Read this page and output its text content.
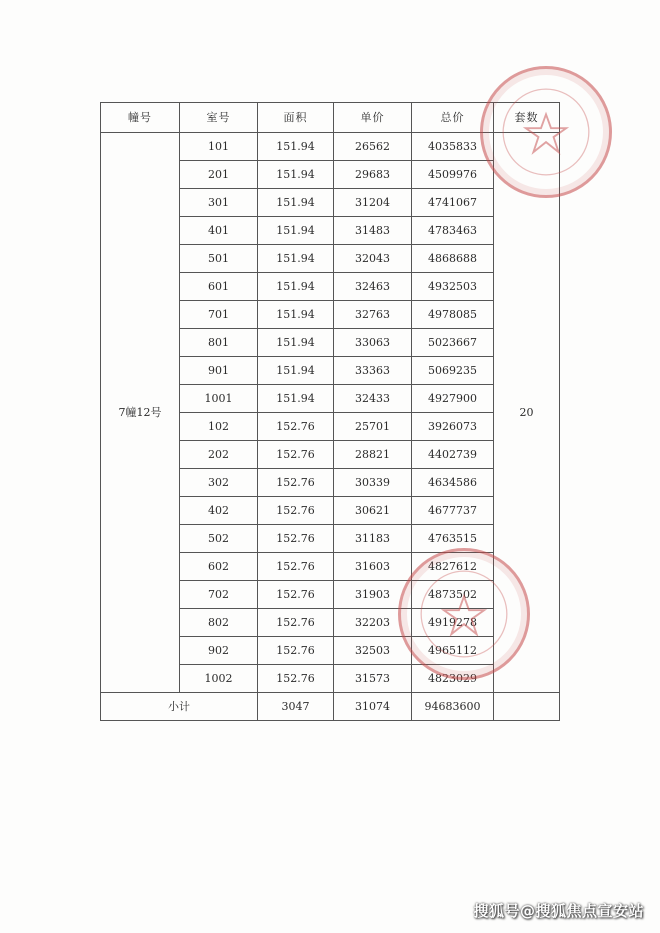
幢号	室号	面积	单价	总价	套数
7幢12号	101	151.94	26562	4035833	20
	201	151.94	29683	4509976	
	301	151.94	31204	4741067	
	401	151.94	31483	4783463	
	501	151.94	32043	4868688	
	601	151.94	32463	4932503	
	701	151.94	32763	4978085	
	801	151.94	33063	5023667	
	901	151.94	33363	5069235	
	1001	151.94	32433	4927900	
	102	152.76	25701	3926073	
	202	152.76	28821	4402739	
	302	152.76	30339	4634586	
	402	152.76	30621	4677737	
	502	152.76	31183	4763515	
	602	152.76	31603	4827612	
	702	152.76	31903	4873502	
	802	152.76	32203	4919278	
	902	152.76	32503	4965112	
	1002	152.76	31573	4823029	
小计		3047	31074	94683600	
搜狐号@搜狐焦点宣安站
